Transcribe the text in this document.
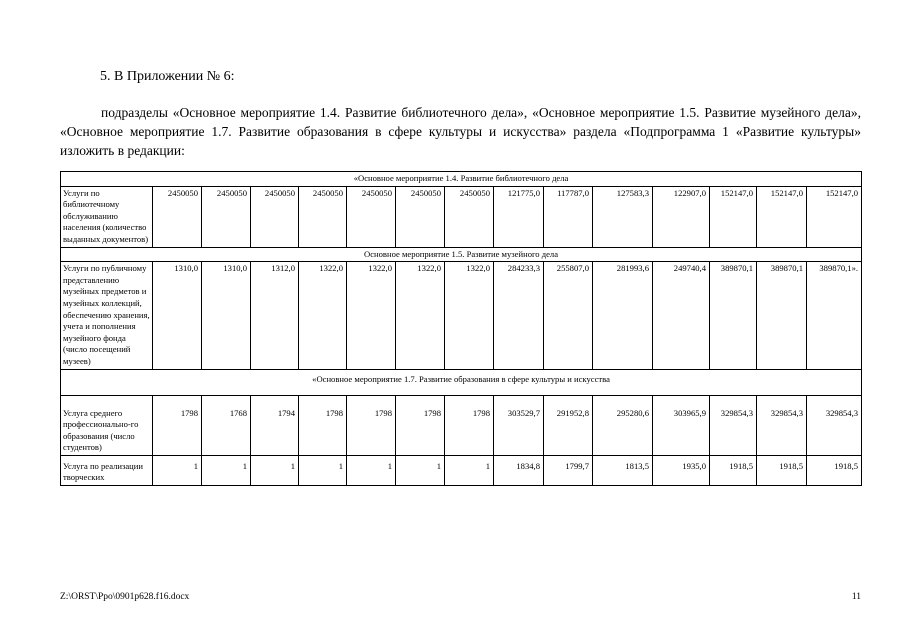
5. В Приложении № 6:
подразделы «Основное мероприятие 1.4. Развитие библиотечного дела», «Основное мероприятие 1.5. Развитие музейного дела», «Основное мероприятие 1.7. Развитие образования в сфере культуры и искусства» раздела «Подпрограмма 1 «Развитие культуры» изложить в редакции:
«Основное мероприятие 1.4. Развитие библиотечного дела														
Услуги по библиотечному обслуживанию населения (количество выданных документов)	2450050	2450050	2450050	2450050	2450050	2450050	2450050	121775,0	117787,0	127583,3	122907,0	152147,0	152147,0	152147,0
Основное мероприятие 1.5. Развитие музейного дела														
Услуги по публичному представлению музейных предметов и музейных коллекций, обеспечению хранения, учета и пополнения музейного фонда (число посещений музеев)	1310,0	1310,0	1312,0	1322,0	1322,0	1322,0	1322,0	284233,3	255807,0	281993,6	249740,4	389870,1	389870,1	389870,1».
«Основное мероприятие 1.7. Развитие образования в сфере культуры и искусства														
Услуга среднего профессионально-го образования (число студентов)	1798	1768	1794	1798	1798	1798	1798	303529,7	291952,8	295280,6	303965,9	329854,3	329854,3	329854,3
Услуга по реализации творческих	1	1	1	1	1	1	1	1834,8	1799,7	1813,5	1935,0	1918,5	1918,5	1918,5
Z:\ORST\Ppo\0901p628.f16.docx	11
